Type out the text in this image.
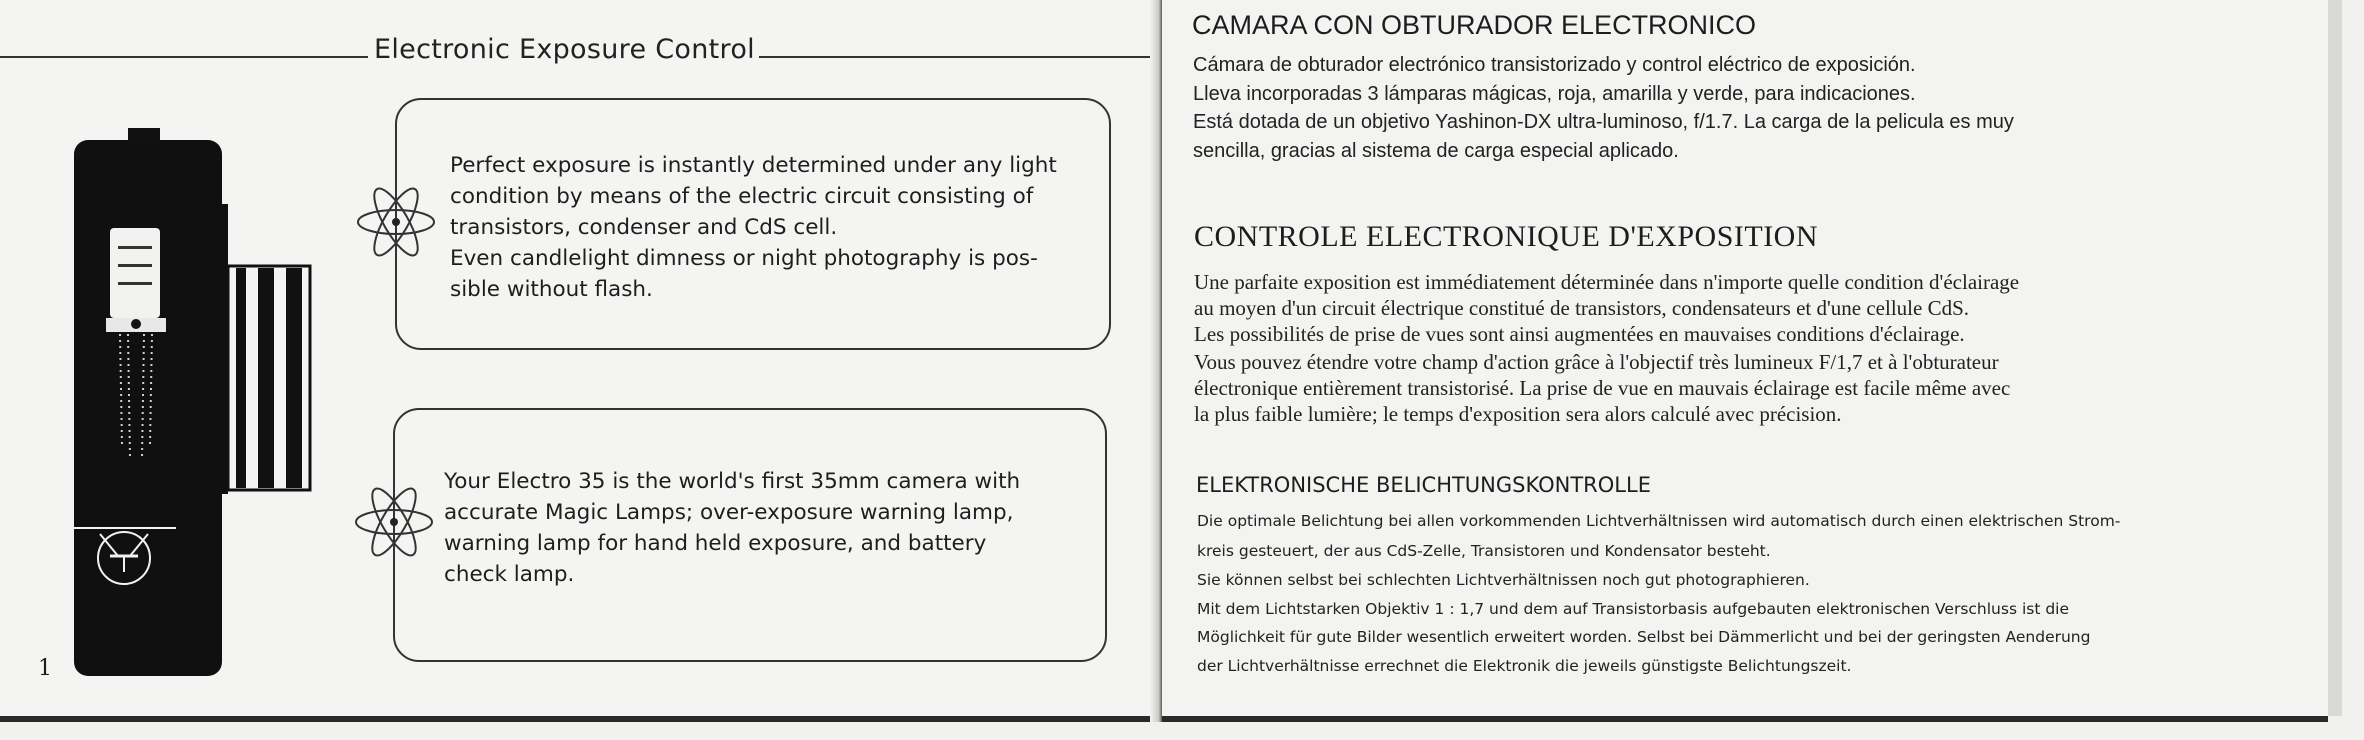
Electronic Exposure Control
Perfect exposure is instantly determined under any light
condition by means of the electric circuit consisting of
transistors, condenser and CdS cell.
Even candlelight dimness or night photography is pos-
sible without flash.
Your Electro 35 is the world's first 35mm camera with
accurate Magic Lamps; over-exposure warning lamp,
warning lamp for hand held exposure, and battery
check lamp.
1
CAMARA CON OBTURADOR ELECTRONICO
Cámara de obturador electrónico transistorizado y control eléctrico de exposición.
Lleva incorporadas 3 lámparas mágicas, roja, amarilla y verde, para indicaciones.
Está dotada de un objetivo Yashinon-DX ultra-luminoso, f/1.7. La carga de la pelicula es muy
sencilla, gracias al sistema de carga especial aplicado.
CONTROLE ELECTRONIQUE D'EXPOSITION
Une parfaite exposition est immédiatement déterminée dans n'importe quelle condition d'éclairage
au moyen d'un circuit électrique constitué de transistors, condensateurs et d'une cellule CdS.
Les possibilités de prise de vues sont ainsi augmentées en mauvaises conditions d'éclairage.
Vous pouvez étendre votre champ d'action grâce à l'objectif très lumineux F/1,7 et à l'obturateur
électronique entièrement transistorisé. La prise de vue en mauvais éclairage est facile même avec
la plus faible lumière; le temps d'exposition sera alors calculé avec précision.
ELEKTRONISCHE BELICHTUNGSKONTROLLE
Die optimale Belichtung bei allen vorkommenden Lichtverhältnissen wird automatisch durch einen elektrischen Strom-
kreis gesteuert, der aus CdS-Zelle, Transistoren und Kondensator besteht.
Sie können selbst bei schlechten Lichtverhältnissen noch gut photographieren.
Mit dem Lichtstarken Objektiv 1 : 1,7 und dem auf Transistorbasis aufgebauten elektronischen Verschluss ist die
Möglichkeit für gute Bilder wesentlich erweitert worden. Selbst bei Dämmerlicht und bei der geringsten Aenderung
der Lichtverhältnisse errechnet die Elektronik die jeweils günstigste Belichtungszeit.
